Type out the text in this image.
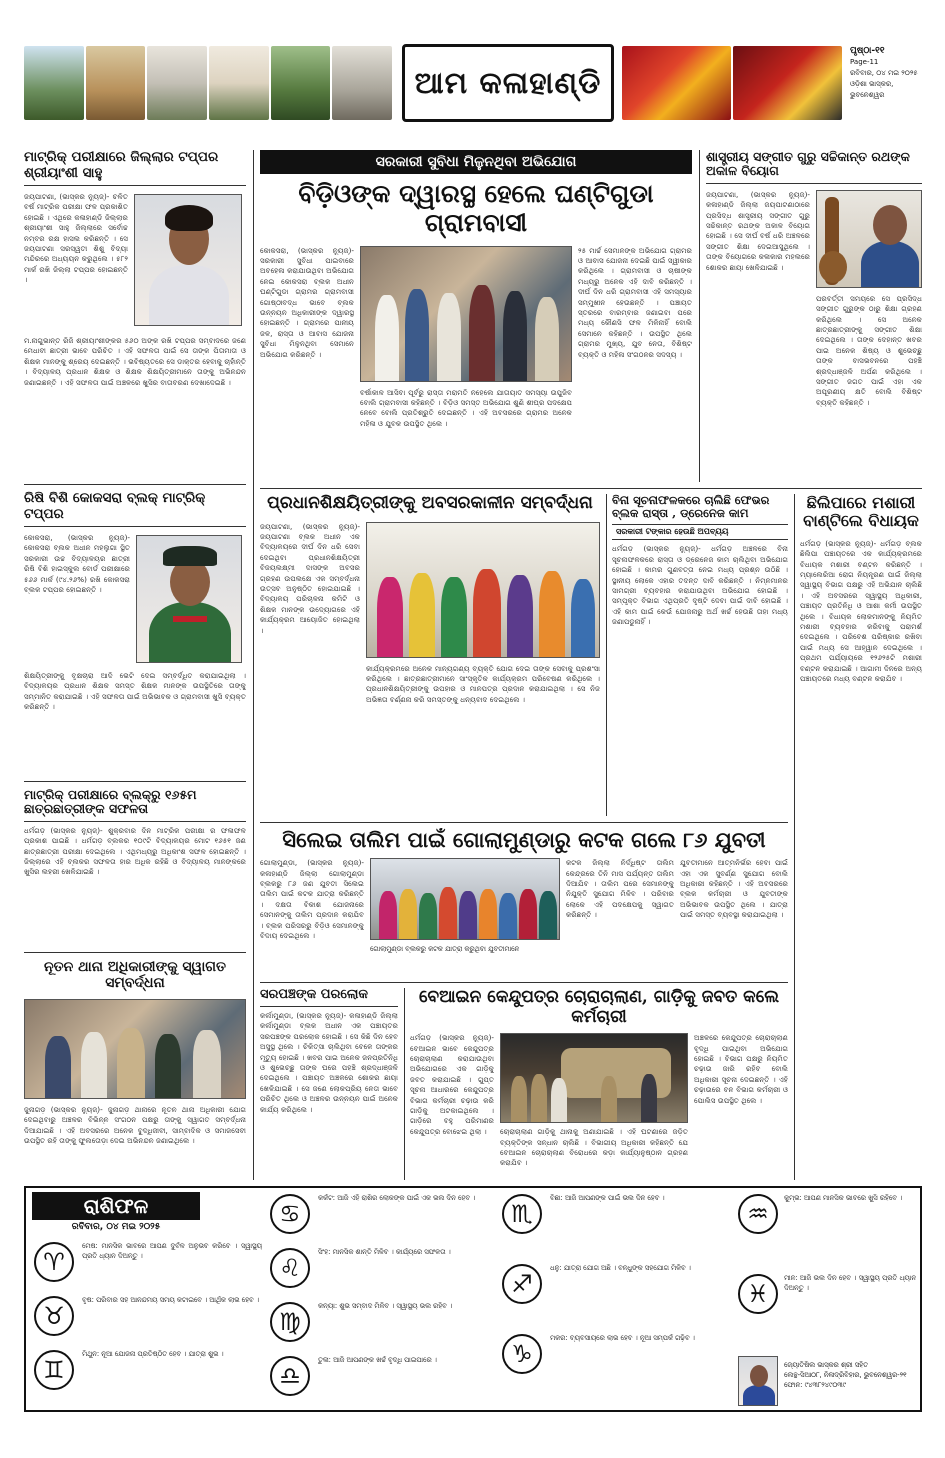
ଆମ କଳାହାଣ୍ଡି
ପୃଷ୍ଠା-୧୧
Page-11
ରବିବାର, ୦୪ ମଇ ୨୦୨୫
ଓଡ଼ିଶା ଭାସ୍କର, ଭୁବନେଶ୍ୱର
ମାଟ୍ରିକ୍ ପରୀକ୍ଷାରେ ଜିଲ୍ଲାର ଟପ୍ପର ଶ୍ରୀୟାଂଶୀ ସାହୁ
ଜୟପାଟଣା, (ଭାସ୍କର ନ୍ୟୁଜ୍)- ଚଳିତ ବର୍ଷ ମାଟ୍ରିକ ପରୀକ୍ଷା ଫଳ ପ୍ରକାଶିତ ହୋଇଛି । ଏଥିରେ କଳାହାଣ୍ଡି ଜିଲ୍ଲାର ଶ୍ରୀୟାଂଶୀ ସାହୁ ଜିଲ୍ଲାରେ ସର୍ବୋଚ୍ଚ ନମ୍ବର ରକ୍ଷ ହାସଲ କରିଛନ୍ତି । ସେ ଜୟପାଟଣା ସରସ୍ୱତୀ ଶିଶୁ ବିଦ୍ୟା ମନ୍ଦିରରେ ଅଧ୍ୟୟନ କରୁଥିଲେ । ୫୮୨ ମାର୍କ ରଖି ଜିଲ୍ଲା ଟପ୍ପର ହୋଇଛନ୍ତି ।
ମ.ନାଗୁଭାନ୍ତ ରିଜି ଶ୍ରୀୟାଂଶୀଙ୍କର ୫୬୦ ଅଙ୍କ ରଖି ଟପ୍ପର ସମ୍ବାଦରେ ଜଣେ ମେଧାବୀ ଛାତ୍ରୀ ଭାବେ ପରିଚିତ । ଏହି ସଫଳତା ପାଇଁ ସେ ତାଙ୍କ ପିତାମାତା ଓ ଶିକ୍ଷକ ମାନଙ୍କୁ ଶ୍ରେୟ ଦେଇଛନ୍ତି । ଭବିଷ୍ୟତରେ ସେ ଡାକ୍ତର ହେବାକୁ ଚାହାଁନ୍ତି । ବିଦ୍ୟାଳୟ ପ୍ରଧାନ ଶିକ୍ଷକ ଓ ଶିକ୍ଷକ ଶିକ୍ଷୟିତ୍ରୀମାନେ ତାଙ୍କୁ ଅଭିନନ୍ଦନ ଜଣାଇଛନ୍ତି । ଏହି ସଫଳତା ପାଇଁ ଅଞ୍ଚଳରେ ଖୁସିର ବାତାବରଣ ଦେଖାଦେଇଛି ।
ରିଷି ବିଶି କୋକସରା ବ୍ଲକ୍ ମାଟ୍ରିକ୍ ଟପ୍ପର
କୋକସରା, (ଭାସ୍କର ନ୍ୟୁଜ୍)- କୋକସରା ବ୍ଲକ ଅଧୀନ ମହଲୁଗା ସ୍ଥିତ ସରକାରୀ ଉଚ୍ଚ ବିଦ୍ୟାଳୟର ଛାତ୍ରୀ ରିଷି ବିଶି ହାଇସ୍କୁଲ ବୋର୍ଡ ପରୀକ୍ଷାରେ ୫୬୬ ମାର୍କ (୯୪.୨୬%) ରଖି କୋକସରା ବ୍ଲକ ଟପ୍ପର ହୋଇଛନ୍ତି ।
ଶିକ୍ଷୟିତ୍ରୀଙ୍କୁ ବୃକ୍ଷଚାରା ଆଦି ଭେଟି ଦେଇ ସମ୍ବର୍ଦ୍ଧିତ କରାଯାଇଥିଲା । ବିଦ୍ୟାଳୟର ପ୍ରଧାନ ଶିକ୍ଷକ ସମସ୍ତ ଶିକ୍ଷକ ମାନଙ୍କ ଉପସ୍ଥିତିରେ ତାଙ୍କୁ ସମ୍ମାନିତ କରାଯାଇଛି । ଏହି ସଫଳତା ପାଇଁ ଅଭିଭାବକ ଓ ଗ୍ରାମବାସୀ ଖୁସି ବ୍ୟକ୍ତ କରିଛନ୍ତି ।
ମାଟ୍ରିକ୍ ପରୀକ୍ଷାରେ ବ୍ଲକ୍ରୁ ୧୬୫ମ ଛାତ୍ରଛାତ୍ରୀଙ୍କ ସଫଳତା
ଧର୍ମଗଡ଼ (ଭାସ୍କର ନ୍ୟୁଜ୍)- ଶୁକ୍ରବାର ଦିନ ମାଟ୍ରିକ ପରୀକ୍ଷା ର ଫଳାଫଳ ପ୍ରକାଶ ପାଇଛି । ଧର୍ମଗଡ଼ ବ୍ଲକର ୧୦୯ଟି ବିଦ୍ୟାଳୟର ମୋଟ ୧୬୫୧ ଜଣ ଛାତ୍ରଛାତ୍ରୀ ପରୀକ୍ଷା ଦେଇଥିଲେ । ଏଥିମଧ୍ୟରୁ ଅଧିକାଂଶ ସଫଳ ହୋଇଛନ୍ତି । ଜିଲ୍ଲାରେ ଏହି ବ୍ଲକର ସଫଳତା ହାର ଅଧିକ ରହିଛି ଓ ବିଦ୍ୟାଳୟ ମାନଙ୍କରେ ଖୁସିର ଲହରୀ ଖେଳିଯାଇଛି ।
ନୂତନ ଥାନା ଅଧିକାରୀଙ୍କୁ ସ୍ୱାଗତ ସମ୍ବର୍ଦ୍ଧନା
ଜୁନାଗଡ଼ (ଭାସ୍କର ନ୍ୟୁଜ୍)- ଜୁନାଗଡ଼ ଥାନାରେ ନୂତନ ଥାନା ଅଧିକାରୀ ଯୋଗ ଦେଇଥିବାରୁ ଅଞ୍ଚଳର ବିଭିନ୍ନ ସଂଗଠନ ପକ୍ଷରୁ ତାଙ୍କୁ ସ୍ୱାଗତ ସମ୍ବର୍ଦ୍ଧନା ଦିଆଯାଇଛି । ଏହି ଅବସରରେ ଅନେକ ବୁଦ୍ଧିଜୀବୀ, ସାମ୍ବାଦିକ ଓ ସମାଜସେବୀ ଉପସ୍ଥିତ ରହି ତାଙ୍କୁ ଫୁଲତୋଡ଼ା ଦେଇ ଅଭିନନ୍ଦନ ଜଣାଇଥିଲେ ।
ସରକାରୀ ସୁବିଧା ମିଳୁନଥିବା ଅଭିଯୋଗ
ବିଡ଼ିଓଙ୍କ ଦ୍ୱାରସ୍ଥ ହେଲେ ଘଣ୍ଟିଗୁଡା ଗ୍ରାମବାସୀ
କୋକସରା, (ଭାସ୍କର ନ୍ୟୁଜ୍)- ସରକାରୀ ସୁବିଧା ପାଇବାରେ ଅବହେଳା କରାଯାଉଥିବା ଅଭିଯୋଗ ନେଇ କୋକସରା ବ୍ଲକ ଅଧୀନ ଘଣ୍ଟିଗୁଡା ଗ୍ରାମର ଗ୍ରାମବାସୀ ଗୋଷ୍ଠୀବଦ୍ଧ ଭାବେ ବ୍ଲକ ଉନ୍ନୟନ ଅଧିକାରୀଙ୍କ ଦ୍ୱାରସ୍ଥ ହୋଇଛନ୍ତି । ଗ୍ରାମରେ ପାନୀୟ ଜଳ, ରାସ୍ତା ଓ ଆବାସ ଯୋଜନା ସୁବିଧା ମିଳୁନଥିବା ସେମାନେ ଅଭିଯୋଗ କରିଛନ୍ତି ।
ବର୍ଷାକାଳ ଆସିବା ପୂର୍ବରୁ ରାସ୍ତା ମରାମତି ନହେଲେ ଯାତାୟାତ ସମସ୍ୟା ଉପୁଜିବ ବୋଲି ଗ୍ରାମବାସୀ କହିଛନ୍ତି । ବିଡ଼ିଓ ସମସ୍ତ ଅଭିଯୋଗ ଶୁଣି ଶୀଘ୍ର ପଦକ୍ଷେପ ନେବେ ବୋଲି ପ୍ରତିଶ୍ରୁତି ଦେଇଛନ୍ତି । ଏହି ଅବସରରେ ଗ୍ରାମର ଅନେକ ମହିଳା ଓ ଯୁବକ ଉପସ୍ଥିତ ଥିଲେ ।
୨୫ ମାର୍ଚ୍ଚ ସେମାନଙ୍କ ଅଭିଯୋଗ ଗ୍ରାମର ଓ ଆବାସ ଯୋଜନା ଦେଇଛି ପାଇଁ ସ୍ୱୀକାର କରିଥିଲେ । ଗ୍ରାମବାସୀ ଓ ଚାଷୀଙ୍କ ମଧ୍ୟରୁ ଅନେକ ଏହି ଦାବି କରିଛନ୍ତି । ଦୀର୍ଘ ଦିନ ଧରି ଗ୍ରାମବାସୀ ଏହି ସମସ୍ୟାର ସମ୍ମୁଖୀନ ହେଉଛନ୍ତି । ପଞ୍ଚାୟତ ସ୍ତରରେ ବାରମ୍ବାର ଜଣାଇବା ପରେ ମଧ୍ୟ କୌଣସି ଫଳ ମିଳିନାହିଁ ବୋଲି ସେମାନେ କହିଛନ୍ତି । ଉପସ୍ଥିତ ଥିଲେ ଗ୍ରାମର ମୁଖ୍ୟ, ଯୁବ ନେତା, ବିଶିଷ୍ଟ ବ୍ୟକ୍ତି ଓ ମହିଳା ସଂଗଠନର ସଦସ୍ୟ ।
ଶାସ୍ତ୍ରୀୟ ସଙ୍ଗୀତ ଗୁରୁ ସଚ୍ଚିକାନ୍ତ ରଥଙ୍କ ଅକାଳ ବିୟୋଗ
ଜୟପାଟଣା, (ଭାସ୍କର ନ୍ୟୁଜ୍)- କଳାହାଣ୍ଡି ଜିଲ୍ଲା ଜୟପାଟଣାଠାରେ ପ୍ରସିଦ୍ଧ ଶାସ୍ତ୍ରୀୟ ସଙ୍ଗୀତ ଗୁରୁ ସଚ୍ଚିକାନ୍ତ ରଥଙ୍କ ଅକାଳ ବିୟୋଗ ହୋଇଛି । ସେ ଦୀର୍ଘ ବର୍ଷ ଧରି ଅଞ୍ଚଳରେ ସଙ୍ଗୀତ ଶିକ୍ଷା ଦେଇଆସୁଥିଲେ । ତାଙ୍କ ବିୟୋଗରେ କଳାକାର ମହଲରେ ଶୋକର ଛାୟା ଖେଳିଯାଇଛି ।
ପରବର୍ତ୍ତୀ ସମୟରେ ସେ ପ୍ରସିଦ୍ଧ ସଙ୍ଗୀତ ଗୁରୁଙ୍କ ଠାରୁ ଶିକ୍ଷା ଗ୍ରହଣ କରିଥିଲେ । ସେ ଅନେକ ଛାତ୍ରଛାତ୍ରୀଙ୍କୁ ସଙ୍ଗୀତ ଶିକ୍ଷା ଦେଇଥିଲେ । ତାଙ୍କ ଦେହାନ୍ତ ଖବର ପାଇ ଅନେକ ଶିଷ୍ୟ ଓ ଶୁଭେଚ୍ଛୁ ତାଙ୍କ ବାସଭବନରେ ପହଞ୍ଚି ଶ୍ରଦ୍ଧାଞ୍ଜଳି ଅର୍ପଣ କରିଥିଲେ । ସଙ୍ଗୀତ ଜଗତ ପାଇଁ ଏହା ଏକ ଅପୂରଣୀୟ କ୍ଷତି ବୋଲି ବିଶିଷ୍ଟ ବ୍ୟକ୍ତି କହିଛନ୍ତି ।
ପ୍ରଧାନଶିକ୍ଷୟିତ୍ରୀଙ୍କୁ ଅବସରକାଳୀନ ସମ୍ବର୍ଦ୍ଧନା
ଜୟପାଟଣା, (ଭାସ୍କର ନ୍ୟୁଜ୍)- ଜୟପାଟଣା ବ୍ଲକ ଅଧୀନ ଏକ ବିଦ୍ୟାଳୟରେ ଦୀର୍ଘ ଦିନ ଧରି ସେବା ଦେଇଥିବା ପ୍ରଧାନଶିକ୍ଷୟିତ୍ରୀ ବିଜୟଲକ୍ଷ୍ମୀ ଦାସଙ୍କ ଅବସର ଗ୍ରହଣ ଉପଲକ୍ଷେ ଏକ ସମ୍ବର୍ଦ୍ଧନା ଉତ୍ସବ ଅନୁଷ୍ଠିତ ହୋଇଯାଇଛି । ବିଦ୍ୟାଳୟ ପରିଚାଳନା କମିଟି ଓ ଶିକ୍ଷକ ମାନଙ୍କ ଉଦ୍ୟୋଗରେ ଏହି କାର୍ଯ୍ୟକ୍ରମ ଆୟୋଜିତ ହୋଇଥିଲା ।
କାର୍ଯ୍ୟକ୍ରମରେ ଅନେକ ମାନ୍ୟଗଣ୍ୟ ବ୍ୟକ୍ତି ଯୋଗ ଦେଇ ତାଙ୍କ ସେବାକୁ ପ୍ରଶଂସା କରିଥିଲେ । ଛାତ୍ରଛାତ୍ରୀମାନେ ସାଂସ୍କୃତିକ କାର୍ଯ୍ୟକ୍ରମ ପରିବେଷଣ କରିଥିଲେ । ପ୍ରଧାନଶିକ୍ଷୟିତ୍ରୀଙ୍କୁ ଉପହାର ଓ ମାନପତ୍ର ପ୍ରଦାନ କରାଯାଇଥିଲା । ସେ ନିଜ ଅଭିଜ୍ଞତା ବର୍ଣ୍ଣନା କରି ସମସ୍ତଙ୍କୁ ଧନ୍ୟବାଦ ଦେଇଥିଲେ ।
ବିନା ସୂଚନାଫଳକରେ ଚାଲିଛି ଫେଭର ବ୍ଲକ ରାସ୍ତା , ଡ୍ରେନେଜ କାମ
ସରକାରୀ ଟଙ୍କାର ହେଉଛି ଅପବ୍ୟୟ
ଧର୍ମଗଡ଼ (ଭାସ୍କର ନ୍ୟୁଜ୍)- ଧର୍ମଗଡ଼ ଅଞ୍ଚଳରେ ବିନା ସୂଚନାଫଳକରେ ରାସ୍ତା ଓ ଡ୍ରେନେଜ କାମ ଚାଲିଥିବା ଅଭିଯୋଗ ହୋଇଛି । କାମର ଗୁଣବତ୍ତା ନେଇ ମଧ୍ୟ ପ୍ରଶ୍ନ ଉଠିଛି । ସ୍ଥାନୀୟ ଲୋକେ ଏହାର ତଦନ୍ତ ଦାବି କରିଛନ୍ତି । ନିମ୍ନମାନର ସାମଗ୍ରୀ ବ୍ୟବହାର କରାଯାଉଥିବା ଅଭିଯୋଗ ହୋଇଛି । ସମ୍ପୃକ୍ତ ବିଭାଗ ଏଥିପ୍ରତି ଦୃଷ୍ଟି ଦେବା ପାଇଁ ଦାବି ହୋଇଛି । ଏହି କାମ ପାଇଁ କେଉଁ ଯୋଜନାରୁ ଅର୍ଥ ଖର୍ଚ୍ଚ ହେଉଛି ତାହା ମଧ୍ୟ ଜଣାପଡୁନାହିଁ ।
ଛିଲିପାରେ ମଶାରୀ ବାଣ୍ଟିଲେ ବିଧାୟକ
ଧର୍ମଗଡ଼ (ଭାସ୍କର ନ୍ୟୁଜ୍)- ଧର୍ମଗଡ଼ ବ୍ଲକ ଛିଲିପା ପଞ୍ଚାୟତରେ ଏକ କାର୍ଯ୍ୟକ୍ରମରେ ବିଧାୟକ ମଶାରୀ ବଣ୍ଟନ କରିଛନ୍ତି । ମ୍ୟାଲେରିଆ ରୋଗ ନିୟନ୍ତ୍ରଣ ପାଇଁ ଜିଲ୍ଲା ସ୍ୱାସ୍ଥ୍ୟ ବିଭାଗ ପକ୍ଷରୁ ଏହି ଅଭିଯାନ ଚାଲିଛି । ଏହି ଅବସରରେ ସ୍ୱାସ୍ଥ୍ୟ ଅଧିକାରୀ, ପଞ୍ଚାୟତ ପ୍ରତିନିଧି ଓ ଆଶା କର୍ମୀ ଉପସ୍ଥିତ ଥିଲେ । ବିଧାୟକ ଲୋକମାନଙ୍କୁ ନିୟମିତ ମଶାରୀ ବ୍ୟବହାର କରିବାକୁ ପରାମର୍ଶ ଦେଇଥିଲେ । ପରିବେଶ ପରିଷ୍କାର ରଖିବା ପାଇଁ ମଧ୍ୟ ସେ ଆହ୍ୱାନ ଦେଇଥିଲେ । ପ୍ରଥମ ପର୍ଯ୍ୟାୟରେ ୧୨୬୨୫ଟି ମଶାରୀ ବଣ୍ଟନ କରାଯାଇଛି । ଆଗାମୀ ଦିନରେ ଅନ୍ୟ ପଞ୍ଚାୟତରେ ମଧ୍ୟ ବଣ୍ଟନ କରାଯିବ ।
ସିଲେଇ ତାଲିମ ପାଇଁ ଗୋଲାମୁଣ୍ଡାରୁ କଟକ ଗଲେ ୮୬ ଯୁବତୀ
ଗୋଲାମୁଣ୍ଡା, (ଭାସ୍କର ନ୍ୟୁଜ୍)- କଳାହାଣ୍ଡି ଜିଲ୍ଲା ଗୋଲାମୁଣ୍ଡା ବ୍ଲକରୁ ୮୬ ଜଣ ଯୁବତୀ ସିଲେଇ ତାଲିମ ପାଇଁ କଟକ ଯାତ୍ରା କରିଛନ୍ତି । ଦକ୍ଷତା ବିକାଶ ଯୋଜନାରେ ସେମାନଙ୍କୁ ତାଲିମ ପ୍ରଦାନ କରାଯିବ । ବ୍ଲକ ପରିସରରୁ ବିଡ଼ିଓ ସେମାନଙ୍କୁ ବିଦାୟ ଦେଇଥିଲେ ।
ଗୋଲାମୁଣ୍ଡା ବ୍ଲକରୁ କଟକ ଯାତ୍ରା କରୁଥିବା ଯୁବତୀମାନେ
କଟକ ଜିଲ୍ଲା ନିର୍ଦ୍ଧିଷ୍ଟ ତାଲିମ କେନ୍ଦ୍ରରେ ତିନି ମାସ ପର୍ଯ୍ୟନ୍ତ ତାଲିମ ଦିଆଯିବ । ତାଲିମ ପରେ ସେମାନଙ୍କୁ ନିଯୁକ୍ତି ସୁଯୋଗ ମିଳିବ । ପରିବାର ଲୋକେ ଏହି ପଦକ୍ଷେପକୁ ସ୍ୱାଗତ କରିଛନ୍ତି ।
ଯୁବତୀମାନେ ଆତ୍ମନିର୍ଭର ହେବା ପାଇଁ ଏହା ଏକ ସୁବର୍ଣ୍ଣ ସୁଯୋଗ ବୋଲି ଅଧିକାରୀ କହିଛନ୍ତି । ଏହି ଅବସରରେ ବ୍ଲକ କର୍ମଚାରୀ ଓ ଯୁବତୀଙ୍କ ଅଭିଭାବକ ଉପସ୍ଥିତ ଥିଲେ । ଯାତ୍ରା ପାଇଁ ସମସ୍ତ ବ୍ୟବସ୍ଥା କରାଯାଇଥିଲା ।
ସରପଞ୍ଚଙ୍କ ପରଲୋକ
କର୍ଲାମୁଣ୍ଡା, (ଭାସ୍କର ନ୍ୟୁଜ୍)- କଳାହାଣ୍ଡି ଜିଲ୍ଲା କର୍ଲାମୁଣ୍ଡା ବ୍ଲକ ଅଧୀନ ଏକ ପଞ୍ଚାୟତର ସରପଞ୍ଚଙ୍କ ପରଲୋକ ହୋଇଛି । ସେ କିଛି ଦିନ ହେବ ଅସୁସ୍ଥ ଥିଲେ । ଚିକିତ୍ସା ଚାଲିଥିବା ବେଳେ ତାଙ୍କର ମୃତ୍ୟୁ ହୋଇଛି । ଖବର ପାଇ ଅନେକ ଜନପ୍ରତିନିଧି ଓ ଶୁଭେଚ୍ଛୁ ତାଙ୍କ ଘରେ ପହଞ୍ଚି ଶ୍ରଦ୍ଧାଞ୍ଜଳି ଦେଇଥିଲେ । ପଞ୍ଚାୟତ ଅଞ୍ଚଳରେ ଶୋକର ଛାୟା ଖେଳିଯାଇଛି । ସେ ଜଣେ ଲୋକପ୍ରିୟ ନେତା ଭାବେ ପରିଚିତ ଥିଲେ ଓ ଅଞ୍ଚଳର ଉନ୍ନୟନ ପାଇଁ ଅନେକ କାର୍ଯ୍ୟ କରିଥିଲେ ।
ବେଆଇନ କେନ୍ଦୁପତ୍ର ଚୋରାଚାଲାଣ, ଗାଡ଼ିକୁ ଜବତ କଲେ କର୍ମଚାରୀ
ଧର୍ମଗଡ଼ (ଭାସ୍କର ନ୍ୟୁଜ୍)- ବେଆଇନ ଭାବେ କେନ୍ଦୁପତ୍ର ଚୋରାଚାଲାଣ କରାଯାଉଥିବା ଅଭିଯୋଗରେ ଏକ ଗାଡ଼ିକୁ ଜବତ କରାଯାଇଛି । ଗୁପ୍ତ ସୂଚନା ଆଧାରରେ କେନ୍ଦୁପତ୍ର ବିଭାଗ କର୍ମଚାରୀ ଚଢ଼ାଉ କରି ଗାଡ଼ିକୁ ଅଟକାଇଥିଲେ । ଗାଡ଼ିରେ ବହୁ ପରିମାଣର କେନ୍ଦୁପତ୍ର ବୋଝେଇ ଥିଲା ।	ଚୋରାଚାଲାଣ ଗାଡ଼ିକୁ ଥାନାକୁ ଅଣାଯାଇଛି । ଏହି ଘଟଣାରେ ଜଡ଼ିତ ବ୍ୟକ୍ତିଙ୍କ ସନ୍ଧାନ ଚାଲିଛି । ବିଭାଗୀୟ ଅଧିକାରୀ କହିଛନ୍ତି ଯେ ବେଆଇନ ଚୋରାଚାଲାଣ ବିରୋଧରେ କଡ଼ା କାର୍ଯ୍ୟାନୁଷ୍ଠାନ ଗ୍ରହଣ କରାଯିବ ।
ଅଞ୍ଚଳରେ କେନ୍ଦୁପତ୍ର ଚୋରାଚାଲାଣ ବୃଦ୍ଧି ପାଇଥିବା ଅଭିଯୋଗ ହୋଇଛି । ବିଭାଗ ପକ୍ଷରୁ ନିୟମିତ ଚଢ଼ାଉ ଜାରି ରହିବ ବୋଲି ଅଧିକାରୀ ସୂଚନା ଦେଇଛନ୍ତି । ଏହି ଚଢ଼ାଉରେ ବନ ବିଭାଗ କର୍ମଚାରୀ ଓ ପୋଲିସ ଉପସ୍ଥିତ ଥିଲେ ।
ରାଶିଫଳ
ରବିବାର, ୦୪ ମଇ ୨୦୨୫
♈
ମେଷ: ମାନସିକ ଭାବରେ ଆପଣ ଦୁର୍ବଳ ଅନୁଭବ କରିବେ । ସ୍ୱାସ୍ଥ୍ୟ ପ୍ରତି ଧ୍ୟାନ ଦିଅନ୍ତୁ ।
♉
ବୃଷ: ପରିବାର ସହ ଆନନ୍ଦମୟ ସମୟ କଟାଇବେ । ଆର୍ଥିକ ଲାଭ ହେବ ।
♊
ମିଥୁନ: ନୂଆ ଯୋଜନା ପ୍ରତିଷ୍ଠିତ ହେବ । ଯାତ୍ରା ଶୁଭ ।
♋
କର୍କଟ: ଆଜି ଏହି ରାଶିର ଲୋକଙ୍କ ପାଇଁ ଏକ ଭଲ ଦିନ ହେବ ।
♌
ସିଂହ: ମାନସିକ ଶାନ୍ତି ମିଳିବ । କାର୍ଯ୍ୟରେ ସଫଳତା ।
♍
କନ୍ୟା: ଶୁଭ ସମ୍ବାଦ ମିଳିବ । ସ୍ୱାସ୍ଥ୍ୟ ଭଲ ରହିବ ।
♎
ତୁଳା: ଆଜି ଆପଣଙ୍କ ଖର୍ଚ୍ଚ ବୃଦ୍ଧି ପାଇପାରେ ।
♏
ବିଛା: ଆଜି ଆପଣଙ୍କ ପାଇଁ ଭଲ ଦିନ ହେବ ।
♐
ଧନୁ: ଯାତ୍ରା ଯୋଗ ଅଛି । ବନ୍ଧୁଙ୍କ ସହଯୋଗ ମିଳିବ ।
♑
ମକର: ବ୍ୟବସାୟରେ ଲାଭ ହେବ । ନୂଆ ସମ୍ପର୍କ ଗଢ଼ିବ ।
♒
କୁମ୍ଭ: ଆପଣ ମାନସିକ ଭାବରେ ଖୁସି ରହିବେ ।
♓
ମୀନ: ଆଜି ଭଲ ଦିନ ହେବ । ସ୍ୱାସ୍ଥ୍ୟ ପ୍ରତି ଧ୍ୟାନ ଦିଅନ୍ତୁ ।
ଜ୍ୟୋତିଷିଲ ଭାସ୍କର ଶ୍ରୀ ସହିତ
ଲେନ୍ଥ-ସିଆ୦୮, ନିଳାଦ୍ରିବିହାର, ଭୁବନେଶ୍ୱର-୨୧
ଫୋନ: ୯୪୩୮୨୪୯୦୩୯
